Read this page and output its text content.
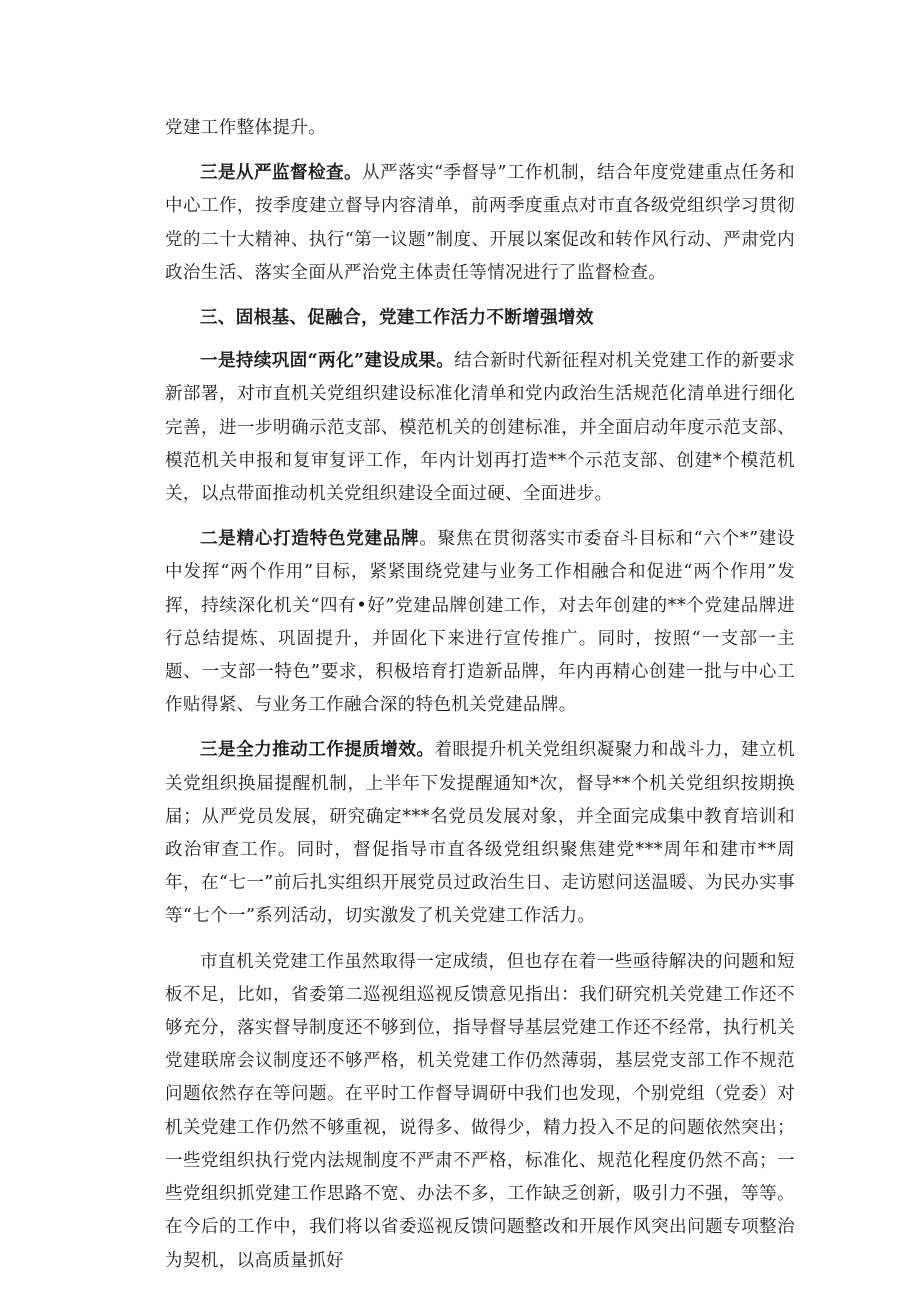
党建工作整体提升。

三是从严监督检查。从严落实“季督导”工作机制，结合年度党建重点任务和中心工作，按季度建立督导内容清单，前两季度重点对市直各级党组织学习贯彻党的二十大精神、执行“第一议题”制度、开展以案促改和转作风行动、严肃党内政治生活、落实全面从严治党主体责任等情况进行了监督检查。

三、固根基、促融合，党建工作活力不断增强增效

一是持续巩固“两化”建设成果。结合新时代新征程对机关党建工作的新要求新部署，对市直机关党组织建设标准化清单和党内政治生活规范化清单进行细化完善，进一步明确示范支部、模范机关的创建标准，并全面启动年度示范支部、模范机关申报和复审复评工作，年内计划再打造**个示范支部、创建*个模范机关，以点带面推动机关党组织建设全面过硬、全面进步。

二是精心打造特色党建品牌。聚焦在贯彻落实市委奋斗目标和“六个*”建设中发挥“两个作用”目标，紧紧围绕党建与业务工作相融合和促进“两个作用”发挥，持续深化机关“四有•好”党建品牌创建工作，对去年创建的**个党建品牌进行总结提炼、巩固提升，并固化下来进行宣传推广。同时，按照“一支部一主题、一支部一特色”要求，积极培育打造新品牌，年内再精心创建一批与中心工作贴得紧、与业务工作融合深的特色机关党建品牌。

三是全力推动工作提质增效。着眼提升机关党组织凝聚力和战斗力，建立机关党组织换届提醒机制，上半年下发提醒通知*次，督导**个机关党组织按期换届；从严党员发展，研究确定***名党员发展对象，并全面完成集中教育培训和政治审查工作。同时，督促指导市直各级党组织聚焦建党***周年和建市**周年，在“七一”前后扎实组织开展党员过政治生日、走访慰问送温暖、为民办实事等“七个一”系列活动，切实激发了机关党建工作活力。

市直机关党建工作虽然取得一定成绩，但也存在着一些亟待解决的问题和短板不足，比如，省委第二巡视组巡视反馈意见指出：我们研究机关党建工作还不够充分，落实督导制度还不够到位，指导督导基层党建工作还不经常，执行机关党建联席会议制度还不够严格，机关党建工作仍然薄弱，基层党支部工作不规范问题依然存在等问题。在平时工作督导调研中我们也发现，个别党组（党委）对机关党建工作仍然不够重视，说得多、做得少，精力投入不足的问题依然突出；一些党组织执行党内法规制度不严肃不严格，标准化、规范化程度仍然不高；一些党组织抓党建工作思路不宽、办法不多，工作缺乏创新，吸引力不强，等等。在今后的工作中，我们将以省委巡视反馈问题整改和开展作风突出问题专项整治为契机，以高质量抓好
